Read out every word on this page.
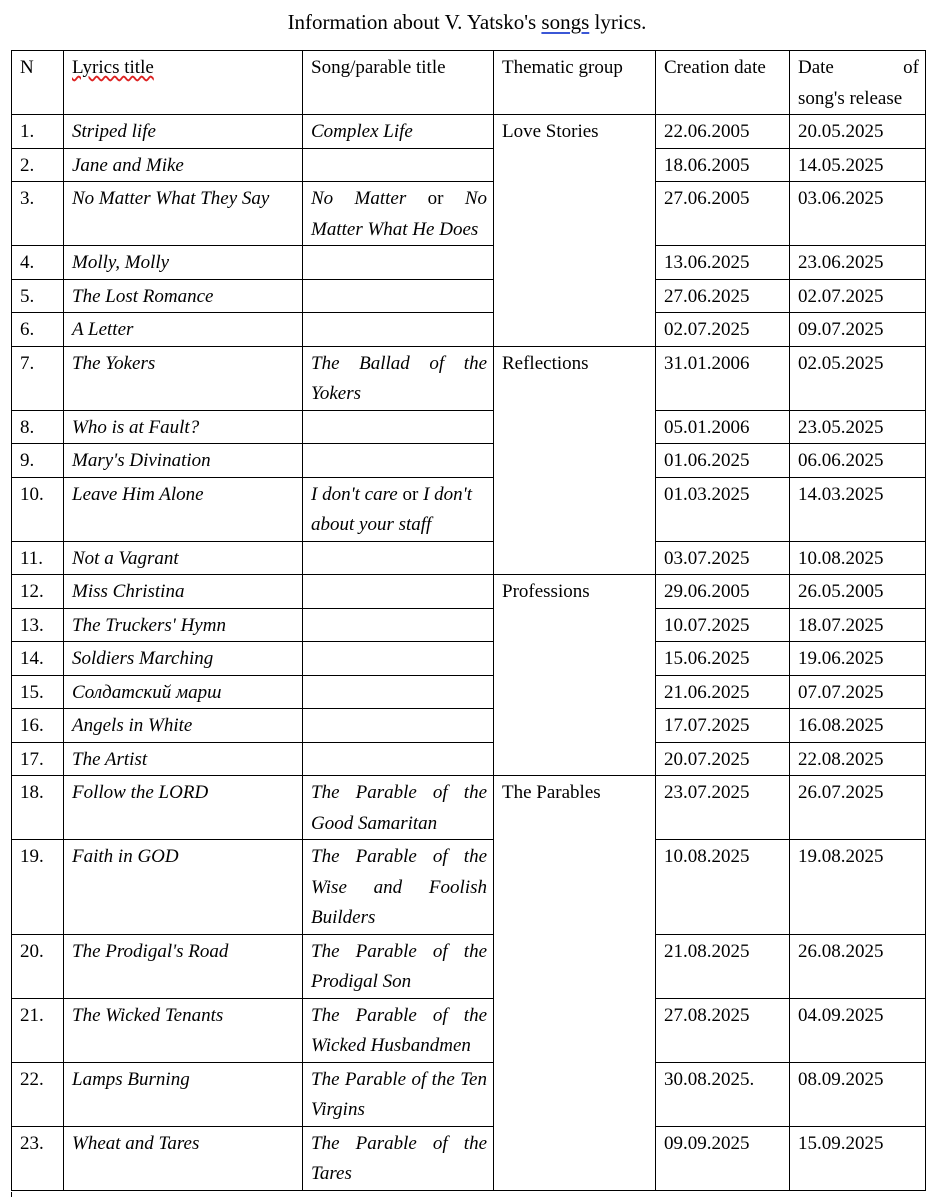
Information about V. Yatsko's songs lyrics.
N	Lyrics title	Song/parable title	Thematic group	Creation date	Date of
song's release
1.	Striped life	Complex Life	Love Stories	22.06.2005	20.05.2025
2.	Jane and Mike			18.06.2005	14.05.2025
3.	No Matter What They Say	No Matter or No Matter What He Does		27.06.2005	03.06.2025
4.	Molly, Molly			13.06.2025	23.06.2025
5.	The Lost Romance			27.06.2025	02.07.2025
6.	A Letter			02.07.2025	09.07.2025
7.	The Yokers	The Ballad of the Yokers	Reflections	31.01.2006	02.05.2025
8.	Who is at Fault?			05.01.2006	23.05.2025
9.	Mary's Divination			01.06.2025	06.06.2025
10.	Leave Him Alone	I don't care or I don't about your staff		01.03.2025	14.03.2025
11.	Not a Vagrant			03.07.2025	10.08.2025
12.	Miss Christina		Professions	29.06.2005	26.05.2005
13.	The Truckers' Hymn			10.07.2025	18.07.2025
14.	Soldiers Marching			15.06.2025	19.06.2025
15.	Солдатский марш			21.06.2025	07.07.2025
16.	Angels in White			17.07.2025	16.08.2025
17.	The Artist			20.07.2025	22.08.2025
18.	Follow the LORD	The Parable of the Good Samaritan	The Parables	23.07.2025	26.07.2025
19.	Faith in GOD	The Parable of the Wise and Foolish Builders		10.08.2025	19.08.2025
20.	The Prodigal's Road	The Parable of the Prodigal Son		21.08.2025	26.08.2025
21.	The Wicked Tenants	The Parable of the Wicked Husbandmen		27.08.2025	04.09.2025
22.	Lamps Burning	The Parable of the Ten Virgins		30.08.2025.	08.09.2025
23.	Wheat and Tares	The Parable of the Tares		09.09.2025	15.09.2025
